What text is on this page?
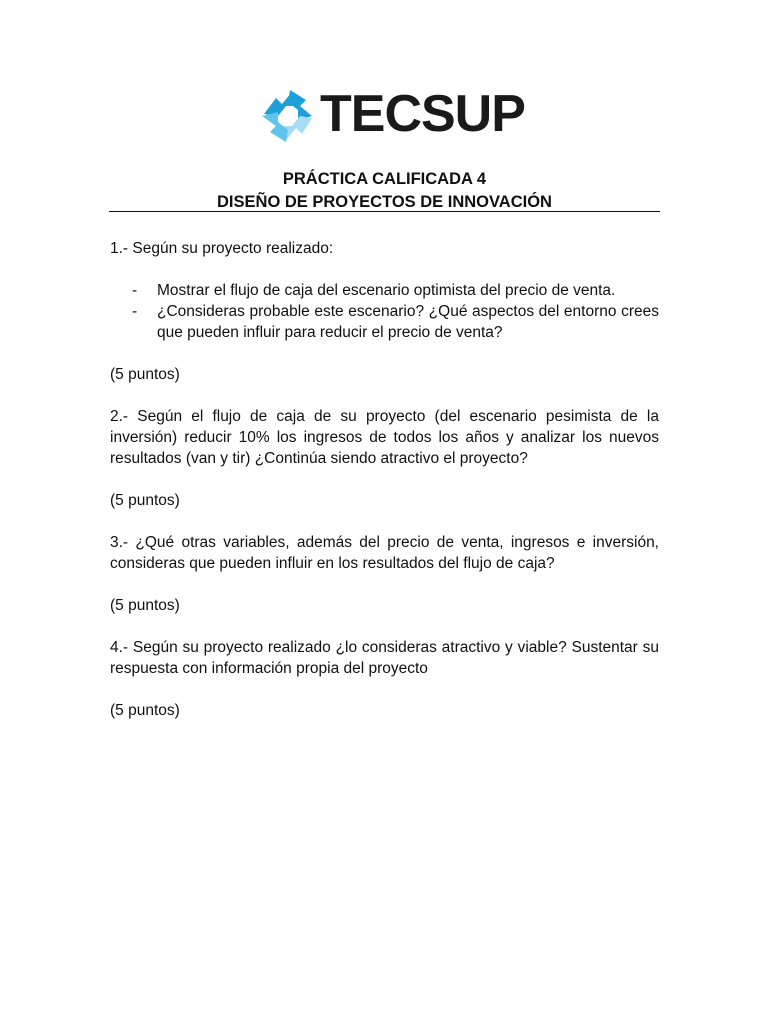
TECSUP

PRÁCTICA CALIFICADA 4

DISEÑO DE PROYECTOS DE INNOVACIÓN

1.- Según su proyecto realizado:

- Mostrar el flujo de caja del escenario optimista del precio de venta.
- ¿Consideras probable este escenario? ¿Qué aspectos del entorno crees que pueden influir para reducir el precio de venta?

(5 puntos)

2.- Según el flujo de caja de su proyecto (del escenario pesimista de la inversión) reducir 10% los ingresos de todos los años y analizar los nuevos resultados (van y tir) ¿Continúa siendo atractivo el proyecto?

(5 puntos)

3.- ¿Qué otras variables, además del precio de venta, ingresos e inversión, consideras que pueden influir en los resultados del flujo de caja?

(5 puntos)

4.- Según su proyecto realizado ¿lo consideras atractivo y viable? Sustentar su respuesta con información propia del proyecto

(5 puntos)
